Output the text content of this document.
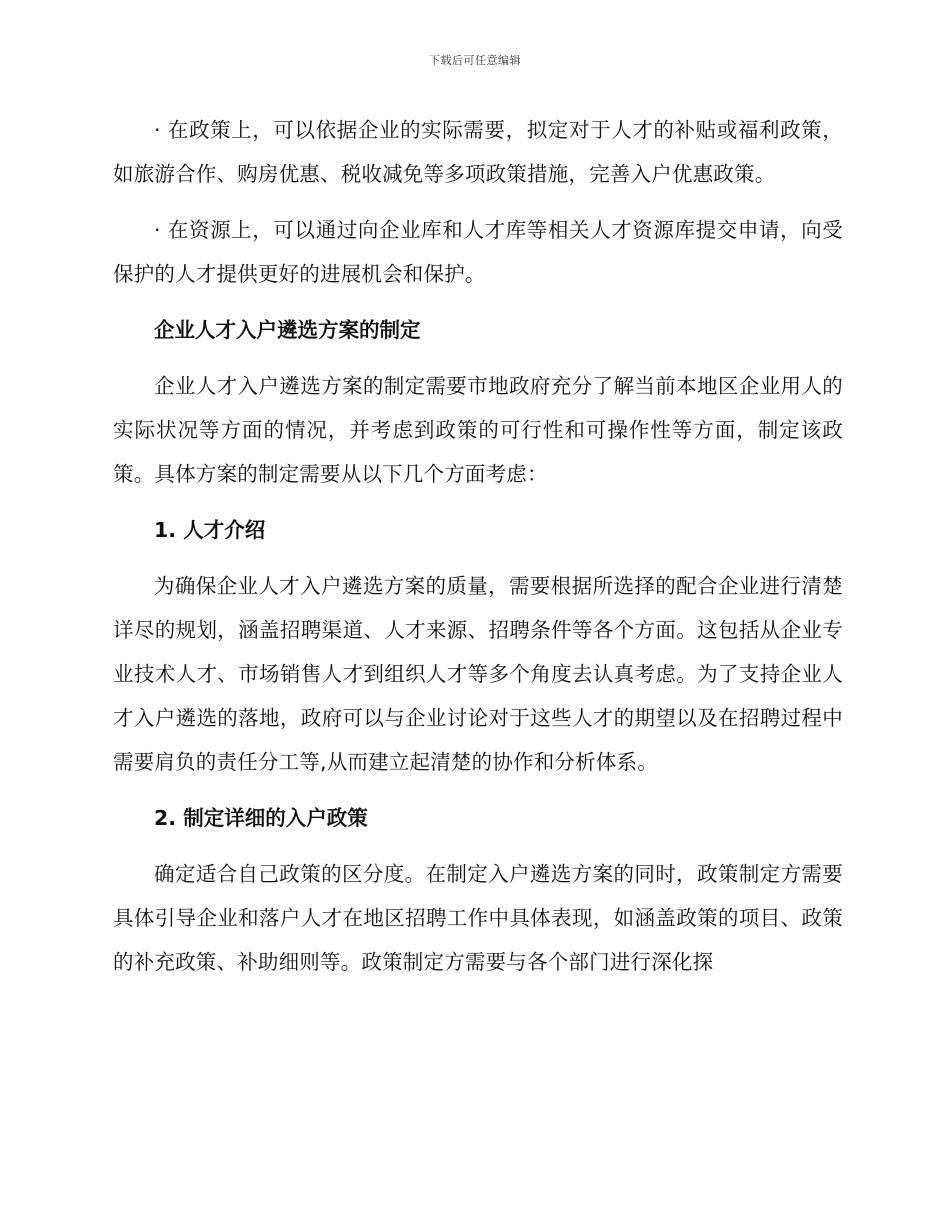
下载后可任意编辑

· 在政策上，可以依据企业的实际需要，拟定对于人才的补贴或福利政策，如旅游合作、购房优惠、税收减免等多项政策措施，完善入户优惠政策。

· 在资源上，可以通过向企业库和人才库等相关人才资源库提交申请，向受保护的人才提供更好的进展机会和保护。

企业人才入户遴选方案的制定

企业人才入户遴选方案的制定需要市地政府充分了解当前本地区企业用人的实际状况等方面的情况，并考虑到政策的可行性和可操作性等方面，制定该政策。具体方案的制定需要从以下几个方面考虑：

1. 人才介绍

为确保企业人才入户遴选方案的质量，需要根据所选择的配合企业进行清楚详尽的规划，涵盖招聘渠道、人才来源、招聘条件等各个方面。这包括从企业专业技术人才、市场销售人才到组织人才等多个角度去认真考虑。为了支持企业人才入户遴选的落地，政府可以与企业讨论对于这些人才的期望以及在招聘过程中需要肩负的责任分工等,从而建立起清楚的协作和分析体系。

2. 制定详细的入户政策

确定适合自己政策的区分度。在制定入户遴选方案的同时，政策制定方需要具体引导企业和落户人才在地区招聘工作中具体表现，如涵盖政策的项目、政策的补充政策、补助细则等。政策制定方需要与各个部门进行深化探
